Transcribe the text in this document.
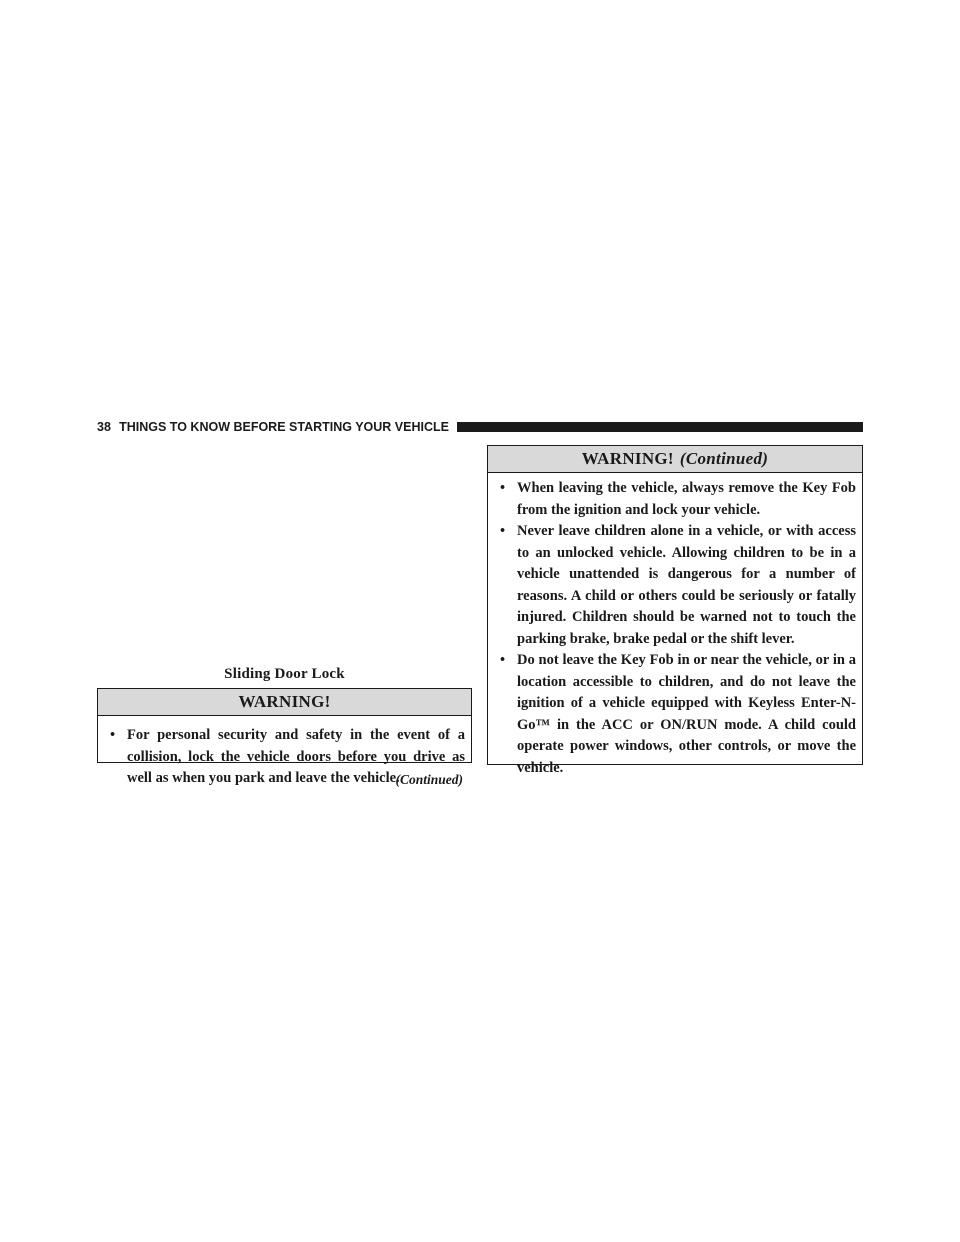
38 THINGS TO KNOW BEFORE STARTING YOUR VEHICLE
Sliding Door Lock
WARNING!
• For personal security and safety in the event of a collision, lock the vehicle doors before you drive as well as when you park and leave the vehicle.
(Continued)
WARNING! (Continued)
• When leaving the vehicle, always remove the Key Fob from the ignition and lock your vehicle.
• Never leave children alone in a vehicle, or with access to an unlocked vehicle. Allowing children to be in a vehicle unattended is dangerous for a number of reasons. A child or others could be seriously or fatally injured. Children should be warned not to touch the parking brake, brake pedal or the shift lever.
• Do not leave the Key Fob in or near the vehicle, or in a location accessible to children, and do not leave the ignition of a vehicle equipped with Keyless Enter-N-Go™ in the ACC or ON/RUN mode. A child could operate power windows, other controls, or move the vehicle.
